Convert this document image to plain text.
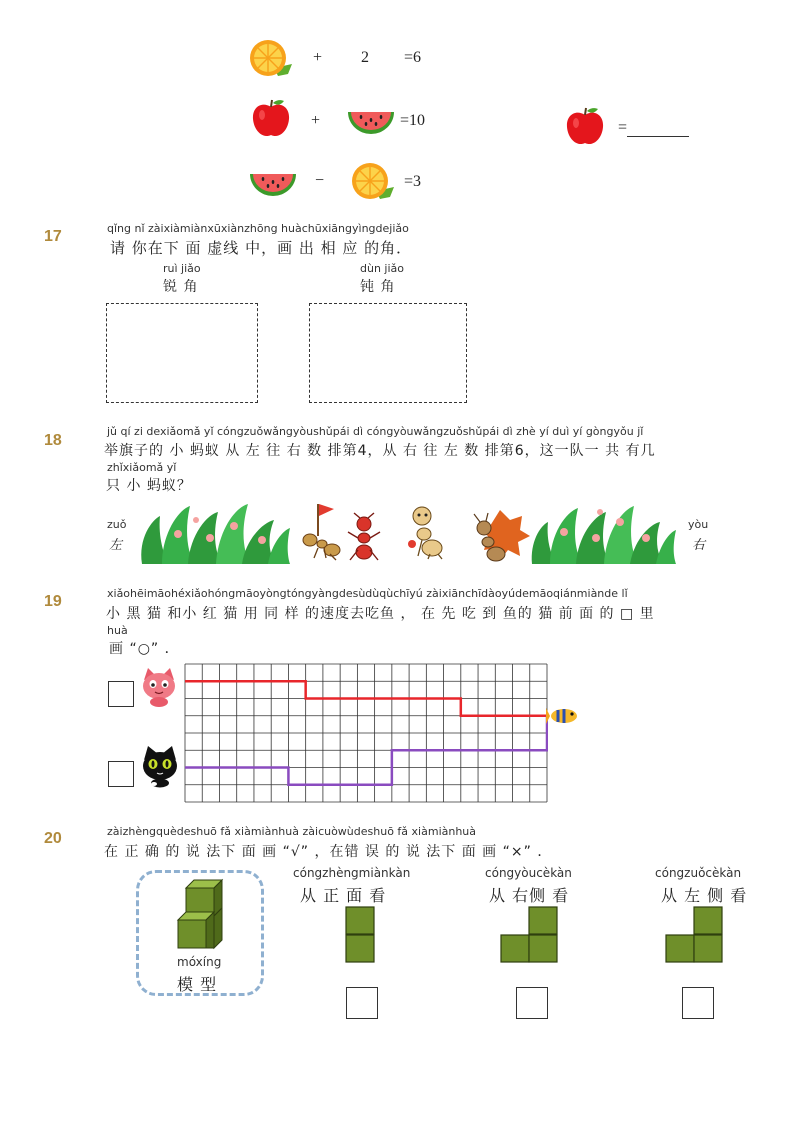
+ 2 =6
+	=10	=
−	=3
17	qǐng nǐ zàixiàmiànxūxiànzhōng huàchūxiāngyìngdejiǎo
请 你在下 面 虚线 中，画 出 相 应 的角．
ruì jiǎo
锐 角
dùn jiǎo
钝 角
18
jǔ qí zi dexiǎomǎ yǐ cóngzuǒwǎngyòushǔpái dì cóngyòuwǎngzuǒshǔpái dì zhè yí duì yí gòngyǒu jǐ
举旗子的 小 蚂蚁 从 左 往 右 数 排第4，从 右 往 左 数 排第6，这一队一 共 有几
zhǐxiǎomǎ yǐ
只 小 蚂蚁？
zuǒ
左
yòu
右
19	xiǎohēimāohéxiǎohóngmāoyòngtóngyàngdesùdùqùchīyú zàixiānchīdàoyúdemāoqiánmiànde lǐ
小 黑 猫 和小 红 猫 用 同 样 的速度去吃鱼 ， 在 先 吃 到 鱼的 猫 前 面 的 □ 里
huà
画 “○” ．
20	zàizhèngquèdeshuō fǎ xiàmiànhuà zàicuòwùdeshuō fǎ xiàmiànhuà
在 正 确 的 说 法下 面 画 “√” ，在错 误 的 说 法下 面 画 “×” ．
móxíng
模 型
cóngzhèngmiànkàn
从 正 面 看
cóngyòucèkàn
从 右侧 看
cóngzuǒcèkàn
从 左 侧 看
